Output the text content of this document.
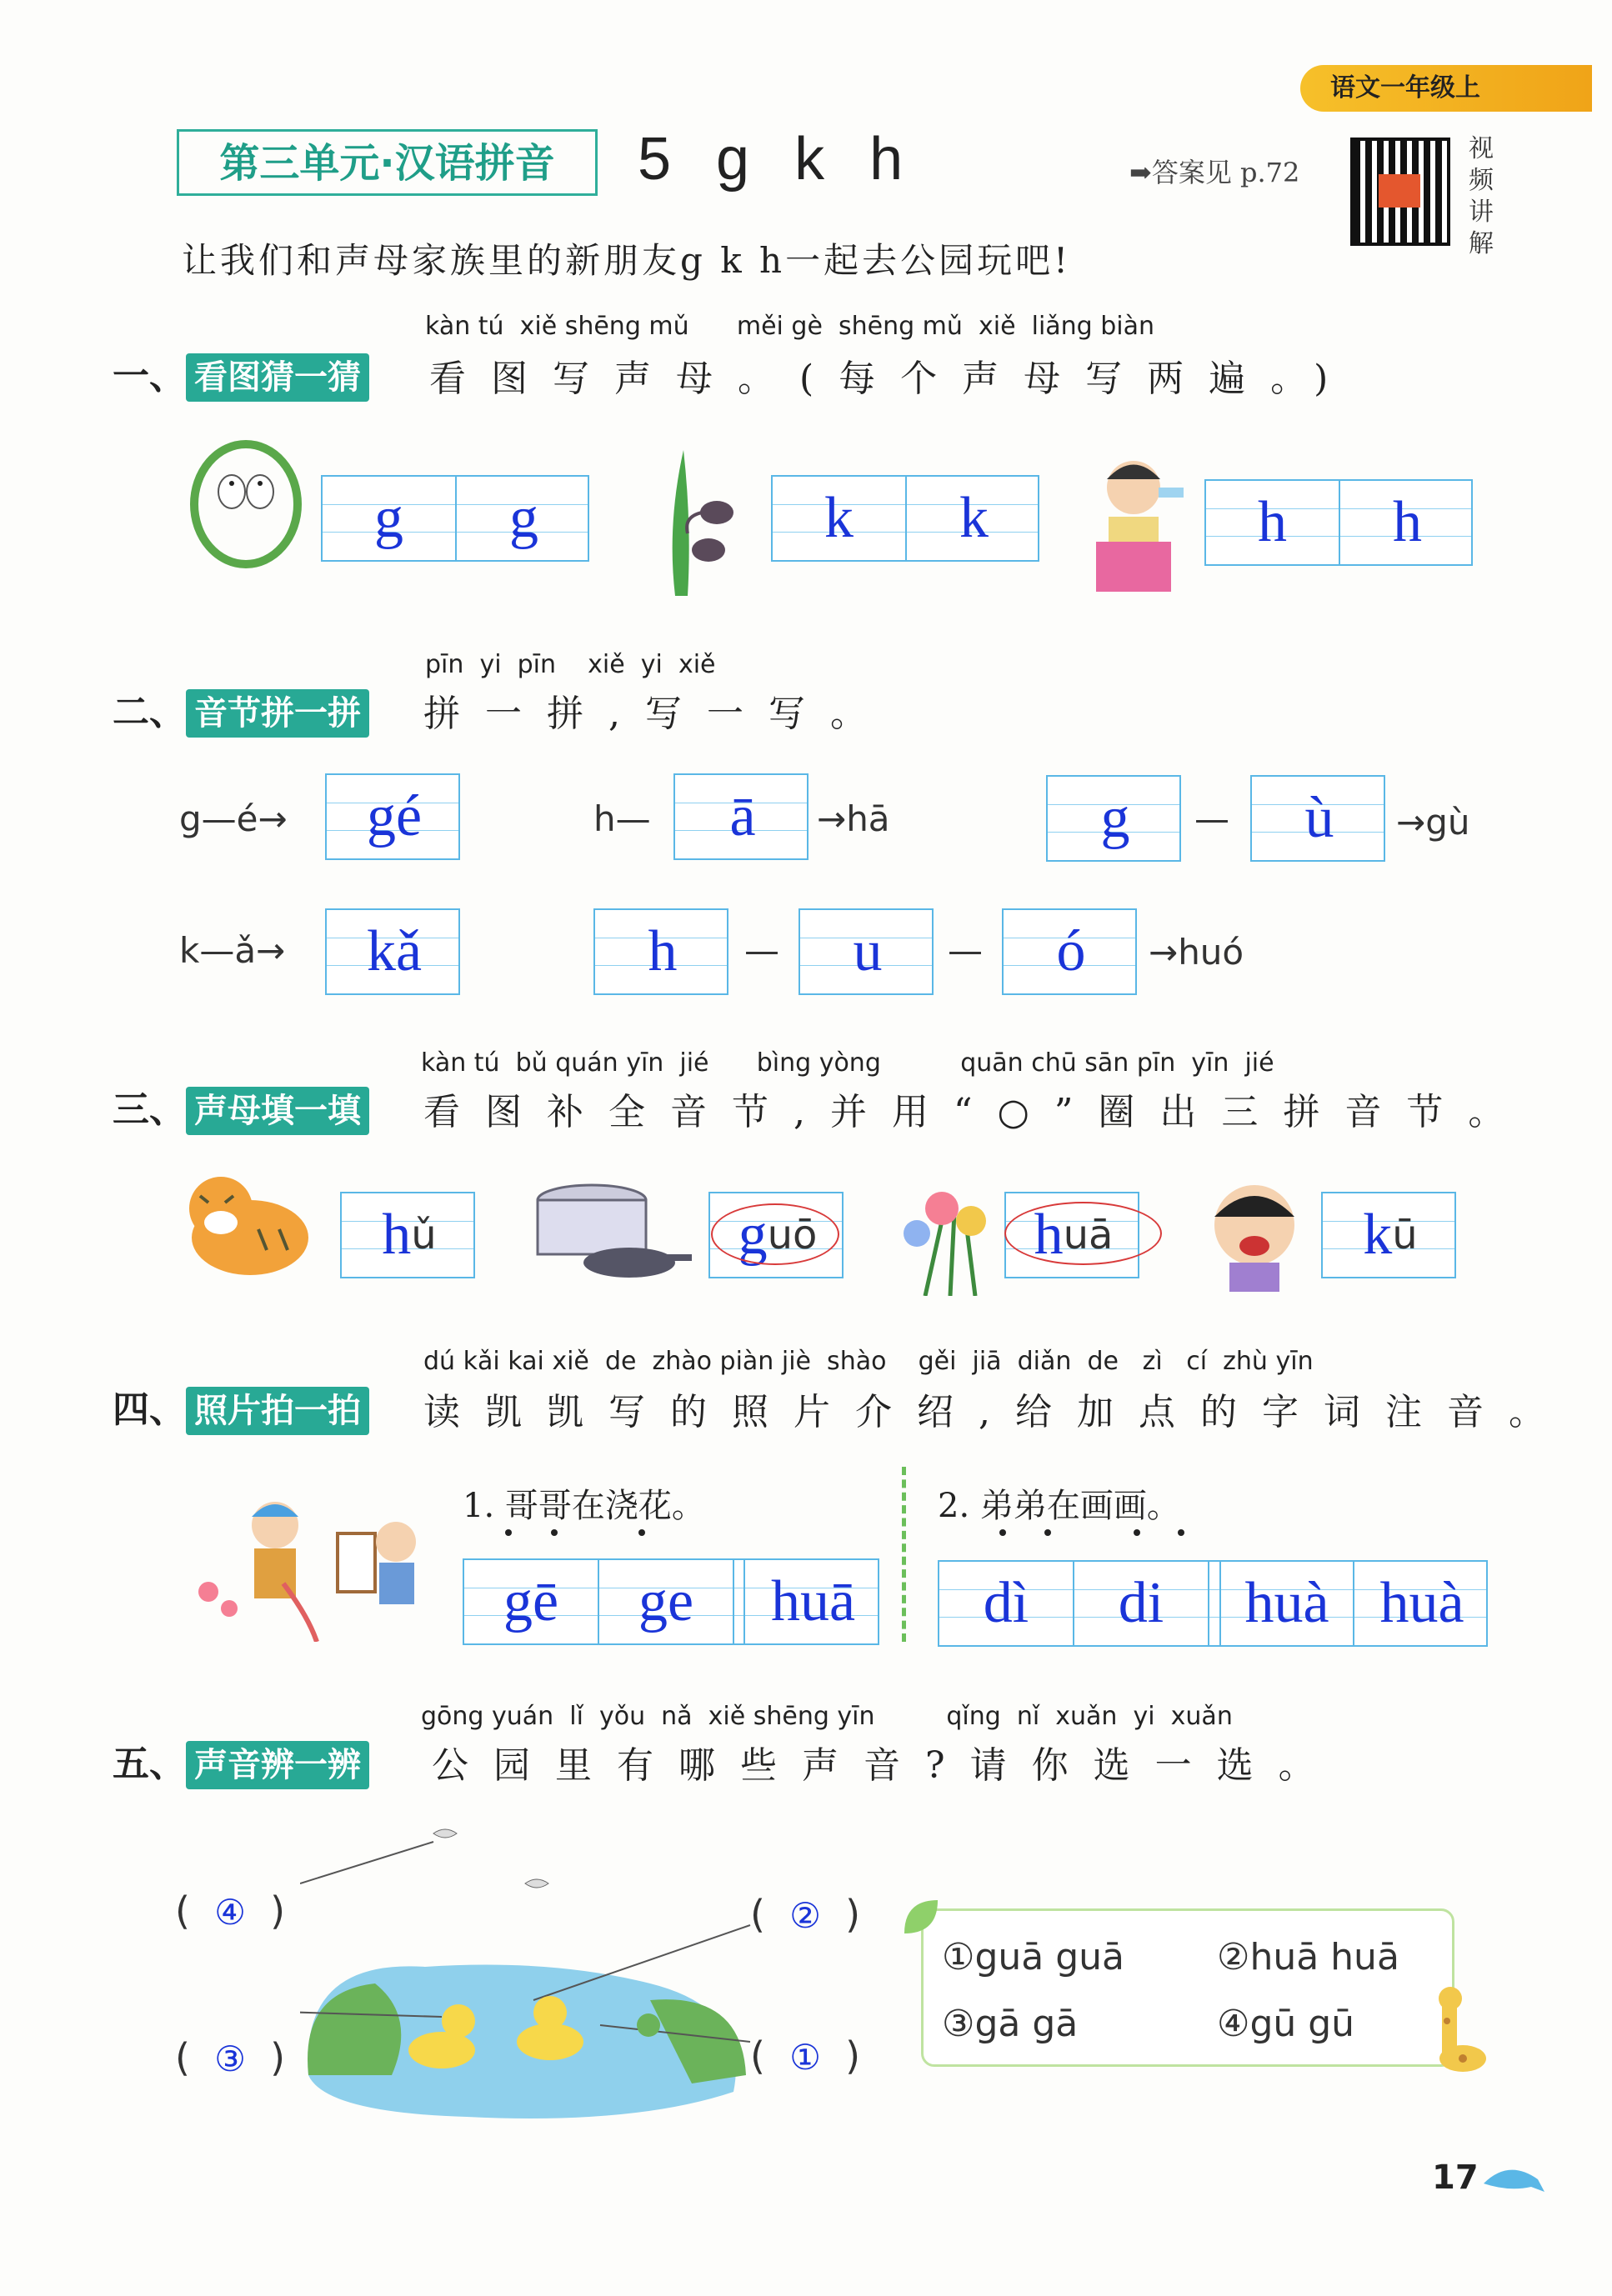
语文一年级上
第三单元·汉语拼音	5 g k h	➡答案见 p.72
视频讲解
让我们和声母家族里的新朋友g k h一起去公园玩吧!
kàn tú  xiě shēng mǔ      měi gè  shēng mǔ  xiě  liǎng biàn
一、 看图猜一猜 看图写声母。(每个声母写两遍。)
g	g	k	k	h	h
pīn  yi  pīn    xiě  yi  xiě
二、 音节拼一拼 拼一拼,写一写。
g—é→	gé	h—	ā	→hā	g	—	ù	→gù
k—ǎ→	kǎ	h	—	u	—	ó	→huó
kàn tú  bǔ quán yīn  jié      bìng yòng          quān chū sān pīn  yīn  jié
三、 声母填一填 看图补全音节,并用“○”圈出三拼音节。
h ǔ	g uō	h uā	k ū
dú kǎi kai xiě  de  zhào piàn jiè  shào    gěi  jiā  diǎn  de   zì   cí  zhù yīn
四、 照片拍一拍 读凯凯写的照片介绍,给加点的字词注音。
1. 哥哥在浇花。	2. 弟弟在画画。
gē	ge	huā	dì	di	huà huà
gōng yuán  lǐ  yǒu  nǎ  xiě shēng yīn         qǐng  nǐ  xuǎn  yi  xuǎn
五、 声音辨一辨 公园里有哪些声音?请你选一选。
(  ④  )
(  ③  )
(  ②  )
(  ①  )
①guā guā	②huā huā
③gā gā	④gū gū
17
